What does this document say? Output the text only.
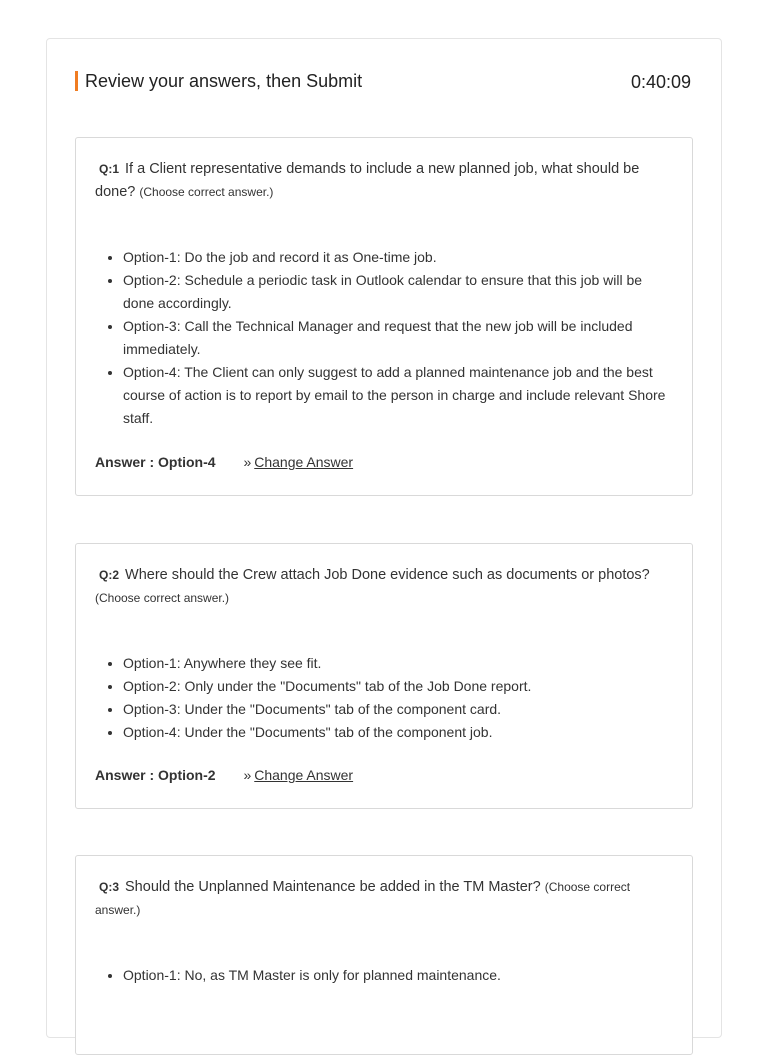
Review your answers, then Submit	0:40:09
Q:1 If a Client representative demands to include a new planned job, what should be done? (Choose correct answer.)
• Option-1: Do the job and record it as One-time job.
• Option-2: Schedule a periodic task in Outlook calendar to ensure that this job will be done accordingly.
• Option-3: Call the Technical Manager and request that the new job will be included immediately.
• Option-4: The Client can only suggest to add a planned maintenance job and the best course of action is to report by email to the person in charge and include relevant Shore staff.
Answer : Option-4 » Change Answer
Q:2 Where should the Crew attach Job Done evidence such as documents or photos? (Choose correct answer.)
• Option-1: Anywhere they see fit.
• Option-2: Only under the "Documents" tab of the Job Done report.
• Option-3: Under the "Documents" tab of the component card.
• Option-4: Under the "Documents" tab of the component job.
Answer : Option-2 » Change Answer
Q:3 Should the Unplanned Maintenance be added in the TM Master? (Choose correct answer.)
• Option-1: No, as TM Master is only for planned maintenance.
